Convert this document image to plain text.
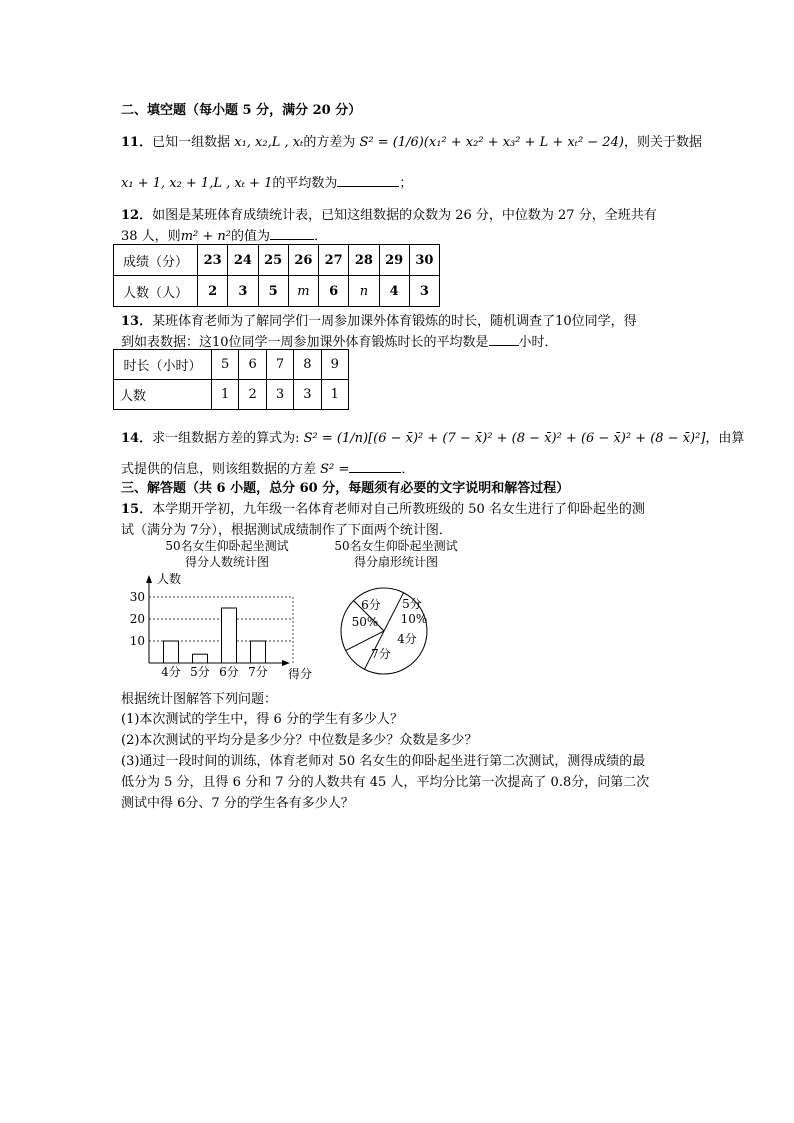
二、填空题（每小题 5 分，满分 20 分）
11．已知一组数据 x₁, x₂,L , xₜ的方差为 S² = (1/6)(x₁² + x₂² + x₃² + L + xₜ² − 24)，则关于数据
x₁ + 1, x₂ + 1,L , xₜ + 1的平均数为	；
12．如图是某班体育成绩统计表，已知这组数据的众数为 26 分，中位数为 27 分，全班共有
38 人，则m² + n²的值为	．
成绩（分）	23	24	25	26	27	28	29	30
人数（人）	2	3	5	m	6	n	4	3
13．某班体育老师为了解同学们一周参加课外体育锻炼的时长，随机调查了10位同学，得
到如表数据：这10位同学一周参加课外体育锻炼时长的平均数是 小时．
时长（小时）	5	6	7	8	9
人数	1	2	3	3	1
14．求一组数据方差的算式为: S² = (1/n)[(6 − x̄)² + (7 − x̄)² + (8 − x̄)² + (6 − x̄)² + (8 − x̄)²]，由算
式提供的信息，则该组数据的方差 S² =	．
三、解答题（共 6 小题，总分 60 分，每题须有必要的文字说明和解答过程）
15．本学期开学初，九年级一名体育老师对自己所教班级的 50 名女生进行了仰卧起坐的测
试（满分为 7分），根据测试成绩制作了下面两个统计图．
50名女生仰卧起坐测试
得分人数统计图
人数
得分
10
20
30
4分 5分 6分 7分
50名女生仰卧起坐测试
得分扇形统计图
6分
50%
5分
10%
4分
7分
根据统计图解答下列问题：
(1)本次测试的学生中，得 6 分的学生有多少人？
(2)本次测试的平均分是多少分？中位数是多少？众数是多少？
(3)通过一段时间的训练，体育老师对 50 名女生的仰卧起坐进行第二次测试，测得成绩的最
低分为 5 分，且得 6 分和 7 分的人数共有 45 人，平均分比第一次提高了 0.8分，问第二次
测试中得 6分、7 分的学生各有多少人？
